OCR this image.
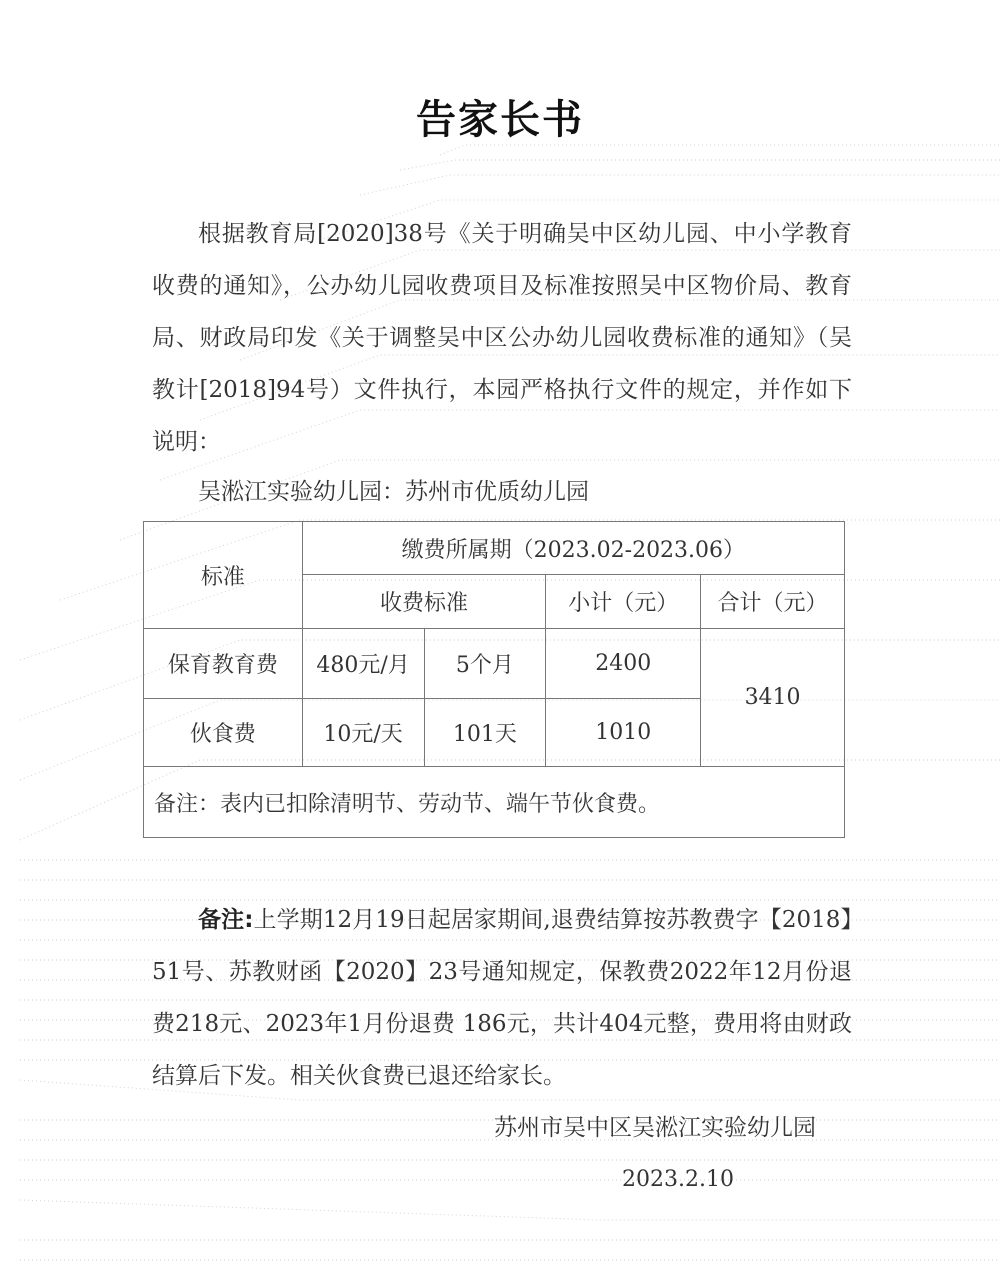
告家长书
根据教育局[2020]38号《关于明确吴中区幼儿园、中小学教育收费的通知》，公办幼儿园收费项目及标准按照吴中区物价局、教育局、财政局印发《关于调整吴中区公办幼儿园收费标准的通知》（吴教计[2018]94号）文件执行，本园严格执行文件的规定，并作如下说明：
吴淞江实验幼儿园：苏州市优质幼儿园
标准	缴费所属期（2023.02-2023.06）			
	收费标准		小计（元）	合计（元）
保育教育费	480元/月	5个月	2400	3410
伙食费	10元/天	101天	1010	
备注：表内已扣除清明节、劳动节、端午节伙食费。				
备注:上学期12月19日起居家期间,退费结算按苏教费字【2018】51号、苏教财函【2020】23号通知规定，保教费2022年12月份退费218元、2023年1月份退费 186元，共计404元整，费用将由财政结算后下发。相关伙食费已退还给家长。
苏州市吴中区吴淞江实验幼儿园
2023.2.10
